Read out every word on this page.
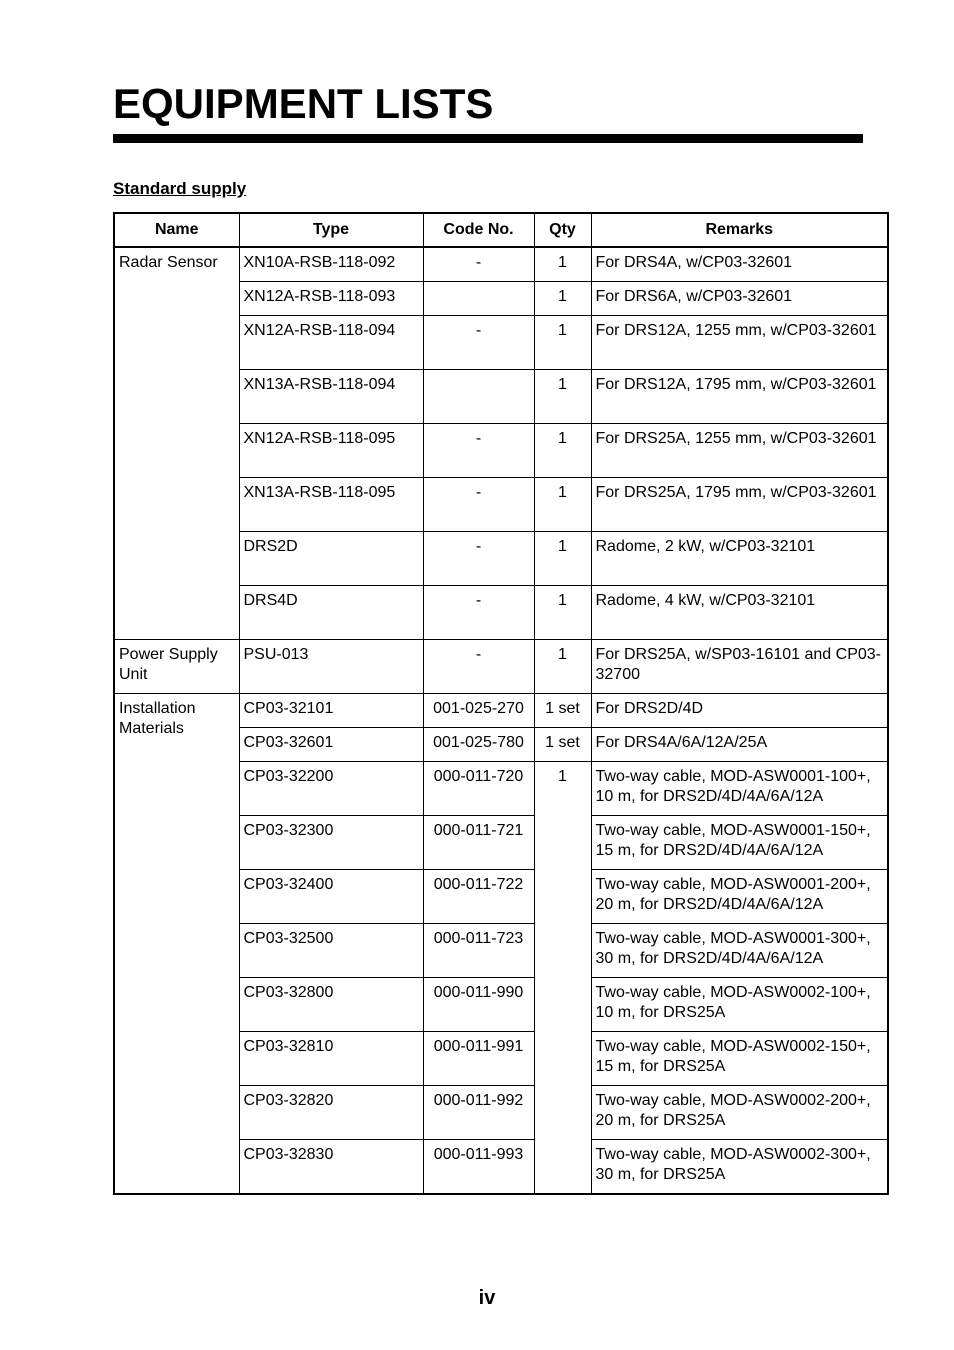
EQUIPMENT LISTS
Standard supply
Name	Type	Code No.	Qty	Remarks
Radar Sensor	XN10A-RSB-118-092	-	1	For DRS4A, w/CP03-32601
	XN12A-RSB-118-093		1	For DRS6A, w/CP03-32601
	XN12A-RSB-118-094	-	1	For DRS12A, 1255 mm, w/CP03-32601
	XN13A-RSB-118-094		1	For DRS12A, 1795 mm, w/CP03-32601
	XN12A-RSB-118-095	-	1	For DRS25A, 1255 mm, w/CP03-32601
	XN13A-RSB-118-095	-	1	For DRS25A, 1795 mm, w/CP03-32601
	DRS2D	-	1	Radome, 2 kW, w/CP03-32101
	DRS4D	-	1	Radome, 4 kW, w/CP03-32101
Power Supply Unit	PSU-013	-	1	For DRS25A, w/SP03-16101 and CP03-32700
Installation Materials	CP03-32101	001-025-270	1 set	For DRS2D/4D
	CP03-32601	001-025-780	1 set	For DRS4A/6A/12A/25A
	CP03-32200	000-011-720	1	Two-way cable, MOD-ASW0001-100+, 10 m, for DRS2D/4D/4A/6A/12A
	CP03-32300	000-011-721		Two-way cable, MOD-ASW0001-150+, 15 m, for DRS2D/4D/4A/6A/12A
	CP03-32400	000-011-722		Two-way cable, MOD-ASW0001-200+, 20 m, for DRS2D/4D/4A/6A/12A
	CP03-32500	000-011-723		Two-way cable, MOD-ASW0001-300+, 30 m, for DRS2D/4D/4A/6A/12A
	CP03-32800	000-011-990		Two-way cable, MOD-ASW0002-100+, 10 m, for DRS25A
	CP03-32810	000-011-991		Two-way cable, MOD-ASW0002-150+, 15 m, for DRS25A
	CP03-32820	000-011-992		Two-way cable, MOD-ASW0002-200+, 20 m, for DRS25A
	CP03-32830	000-011-993		Two-way cable, MOD-ASW0002-300+, 30 m, for DRS25A
iv
